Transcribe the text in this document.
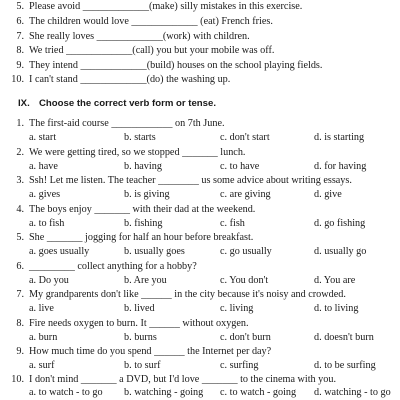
5. Please avoid _____________(make) silly mistakes in this exercise.
6. The children would love _____________ (eat) French fries.
7. She really loves _____________(work) with children.
8. We tried _____________(call) you but your mobile was off.
9. They intend _____________(build) houses on the school playing fields.
10. I can't stand _____________(do) the washing up.
IX. Choose the correct verb form or tense.
1. The first-aid course ____________ on 7th June.
a. start	b. starts	c. don't start	d. is starting
2. We were getting tired, so we stopped _______ lunch.
a. have	b. having	c. to have	d. for having
3. Ssh! Let me listen. The teacher ________ us some advice about writing essays.
a. gives	b. is giving	c. are giving	d. give
4. The boys enjoy _______ with their dad at the weekend.
a. to fish	b. fishing	c. fish	d. go fishing
5. She _______ jogging for half an hour before breakfast.
a. goes usually	b. usually goes	c. go usually	d. usually go
6. _________ collect anything for a hobby?
a. Do you	b. Are you	c. You don't	d. You are
7. My grandparents don't like ______ in the city because it's noisy and crowded.
a. live	b. lived	c. living	d. to living
8. Fire needs oxygen to burn. It ______ without oxygen.
a. burn	b. burns	c. don't burn	d. doesn't burn
9. How much time do you spend ______ the Internet per day?
a. surf	b. to surf	c. surfing	d. to be surfing
10. I don't mind _______ a DVD, but I'd love _______ to the cinema with you.
a. to watch - to go b. watching - going c. to watch - going d. watching - to go
